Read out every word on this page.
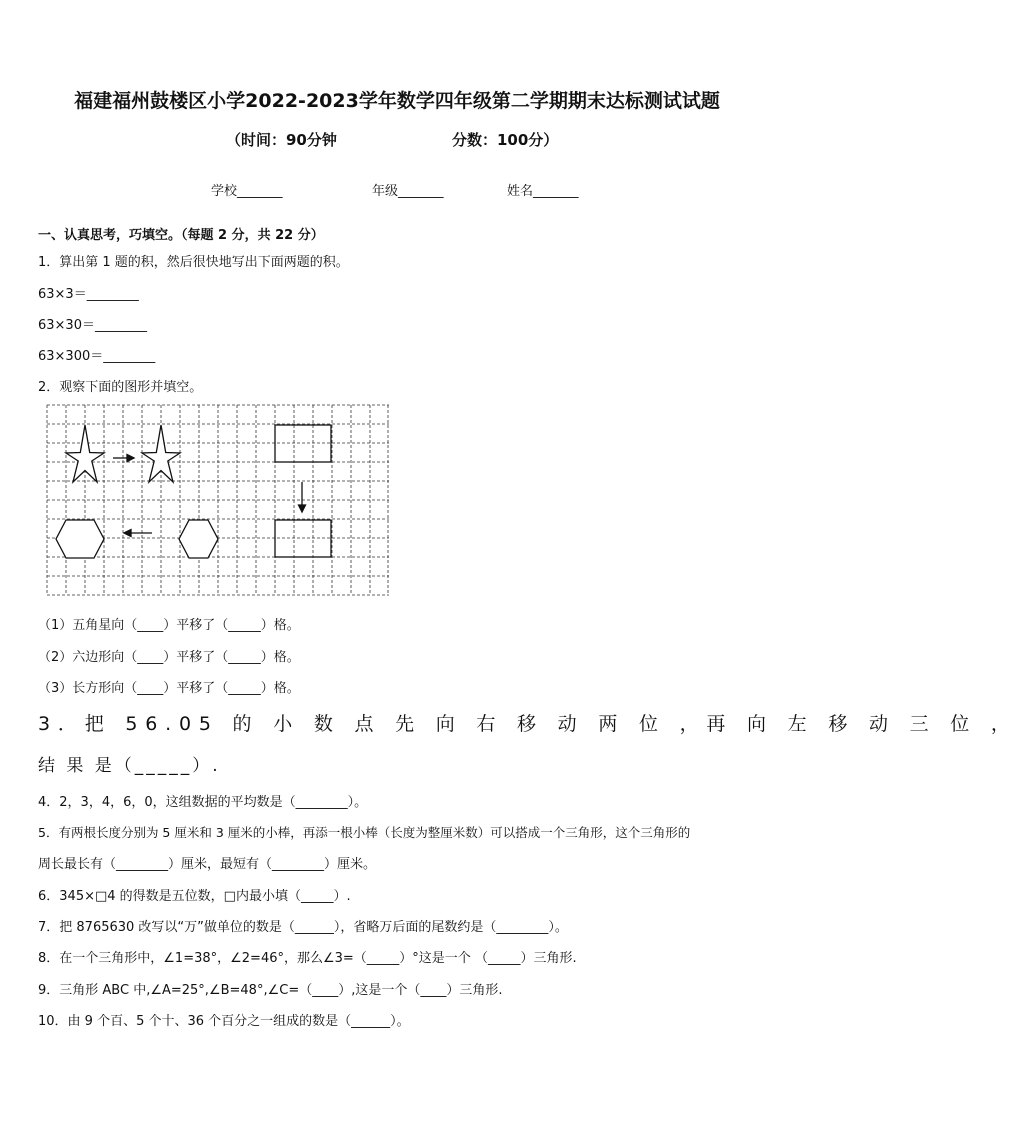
福建福州鼓楼区小学2022-2023学年数学四年级第二学期期末达标测试试题
（时间：90分钟	分数：100分）
学校_______	年级_______	姓名_______
一、认真思考，巧填空。（每题 2 分，共 22 分）
1．算出第 1 题的积，然后很快地写出下面两题的积。
63×3＝________
63×30＝________
63×300＝________
2．观察下面的图形并填空。
（1）五角星向（____）平移了（_____）格。
（2）六边形向（____）平移了（_____）格。
（3）长方形向（____）平移了（_____）格。
3．把 56.05 的 小 数 点 先 向 右 移 动 两 位 ，再 向 左 移 动 三 位 ，
结 果 是（_____）.
4．2，3，4，6，0，这组数据的平均数是（________）。
5．有两根长度分别为 5 厘米和 3 厘米的小棒，再添一根小棒（长度为整厘米数）可以搭成一个三角形，这个三角形的
周长最长有（________）厘米，最短有（________）厘米。
6．345×□4 的得数是五位数，□内最小填（_____）.
7．把 8765630 改写以“万”做单位的数是（______），省略万后面的尾数约是（________）。
8．在一个三角形中，∠1=38°，∠2=46°，那么∠3=（_____）°这是一个 （_____）三角形.
9．三角形 ABC 中,∠A=25°,∠B=48°,∠C=（____）,这是一个（____）三角形.
10．由 9 个百、5 个十、36 个百分之一组成的数是（______）。
